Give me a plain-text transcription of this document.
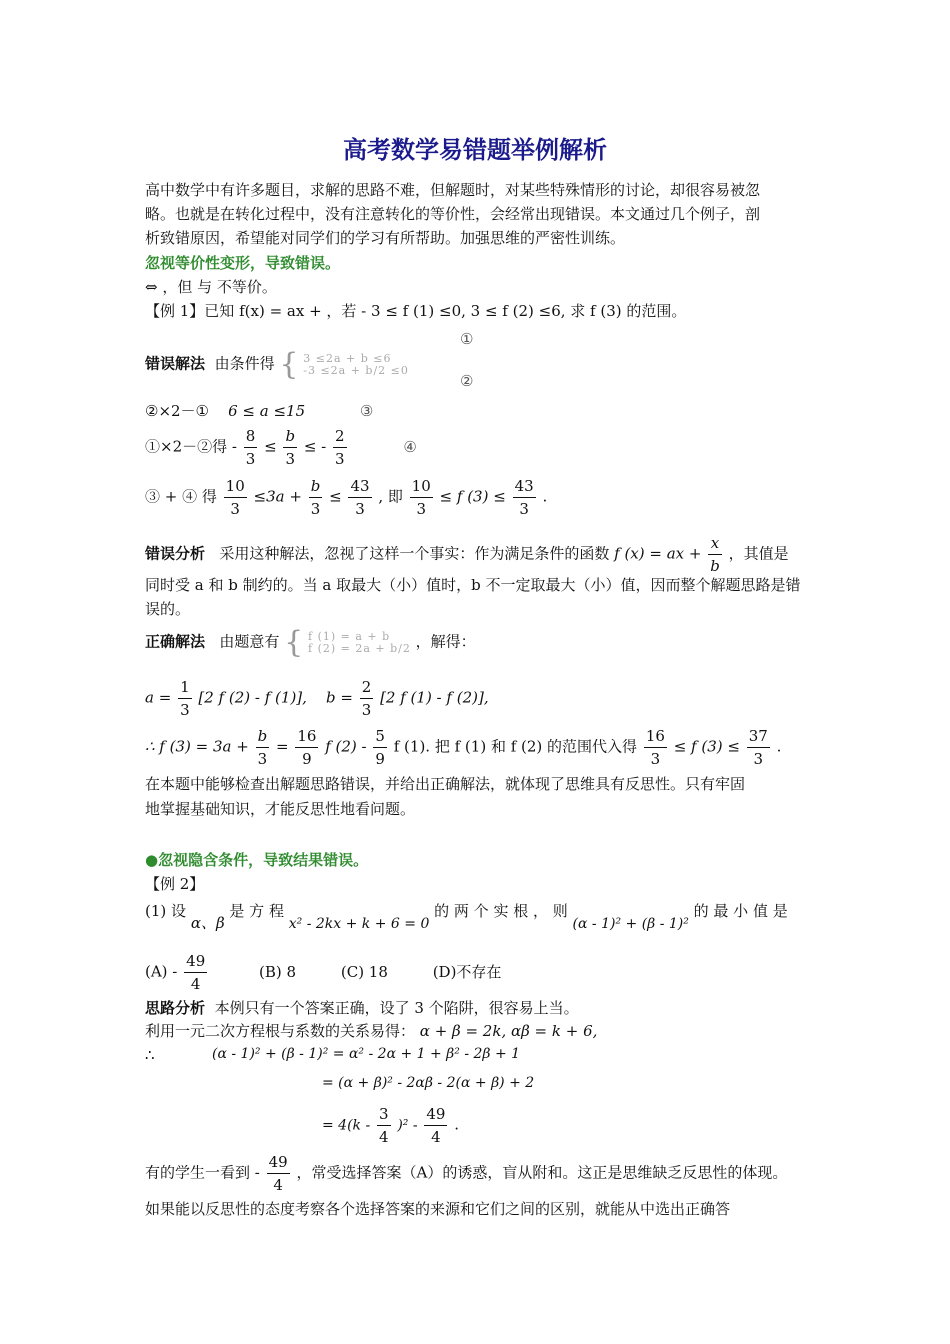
高考数学易错题举例解析
高中数学中有许多题目，求解的思路不难，但解题时，对某些特殊情形的讨论，却很容易被忽
略。也就是在转化过程中，没有注意转化的等价性，会经常出现错误。本文通过几个例子，剖
析致错原因，希望能对同学们的学习有所帮助。加强思维的严密性训练。
忽视等价性变形，导致错误。
⇔ ，但 与 不等价。
【例 1】已知 f(x) = ax + ，若 - 3 ≤ f (1) ≤0, 3 ≤ f (2) ≤6, 求 f (3) 的范围。
①
错误解法 由条件得 { 3 ≤2a + b ≤6
-3 ≤2a + b/2 ≤0
②
②×2－① 6 ≤ a ≤15	③
①×2－②得 - $\frac{8}{3} \le \frac{b}{3}$ ≤ - $\frac{2}{3}$	④
③ + ④ 得 $\frac{10}{3} \le 3a + \frac{b}{3} \le \frac{43}{3}$ , 即 $\frac{10}{3} \le f$ $(3) \le \frac{43}{3}$ .
错误分析 采用这种解法，忽视了这样一个事实：作为满足条件的函数 f (x) = ax + $\frac{x}{b}$ ，其值是
同时受 a 和 b 制约的。当 a 取最大（小）值时，b 不一定取最大（小）值，因而整个解题思路是错
误的。
正确解法 由题意有 { f (1) = a + b
f (2) = 2a + b/2 ，解得：
$a = \frac{1}{3} [2$ f (2) - f (1)], $b = \frac{2}{3} [2$ f (1) - f (2)],
∴ f $(3) = 3a + \frac{b}{3} = \frac{16}{9}$ f $(2) - \frac{5}{9}$ f (1). 把 f (1) 和 f (2) 的范围代入得 $\frac{16}{3} \le f$ $(3) \le \frac{37}{3}$ .
在本题中能够检查出解题思路错误，并给出正确解法，就体现了思维具有反思性。只有牢固
地掌握基础知识，才能反思性地看问题。
●忽视隐含条件，导致结果错误。
【例 2】
(1) 设 α、β 是 方 程 x² - 2kx + k + 6 = 0 的 两 个 实 根 ， 则 (α - 1)² + (β - 1)² 的 最 小 值 是
$(A) - \frac{49}{4}$	(B) 8	(C) 18	(D)不存在
思路分析 本例只有一个答案正确，设了 3 个陷阱，很容易上当。
利用一元二次方程根与系数的关系易得： α + β = 2k, αβ = k + 6,
∴	(α - 1)² + (β - 1)² = α² - 2α + 1 + β² - 2β + 1
= (α + β)² - 2αβ - 2(α + β) + 2
= $4(k - \frac{3}{4} )^2 - \frac{49}{4}$ .
有的学生一看到 - $\frac{49}{4}$ ，常受选择答案（A）的诱惑，盲从附和。这正是思维缺乏反思性的体现。
如果能以反思性的态度考察各个选择答案的来源和它们之间的区别，就能从中选出正确答
